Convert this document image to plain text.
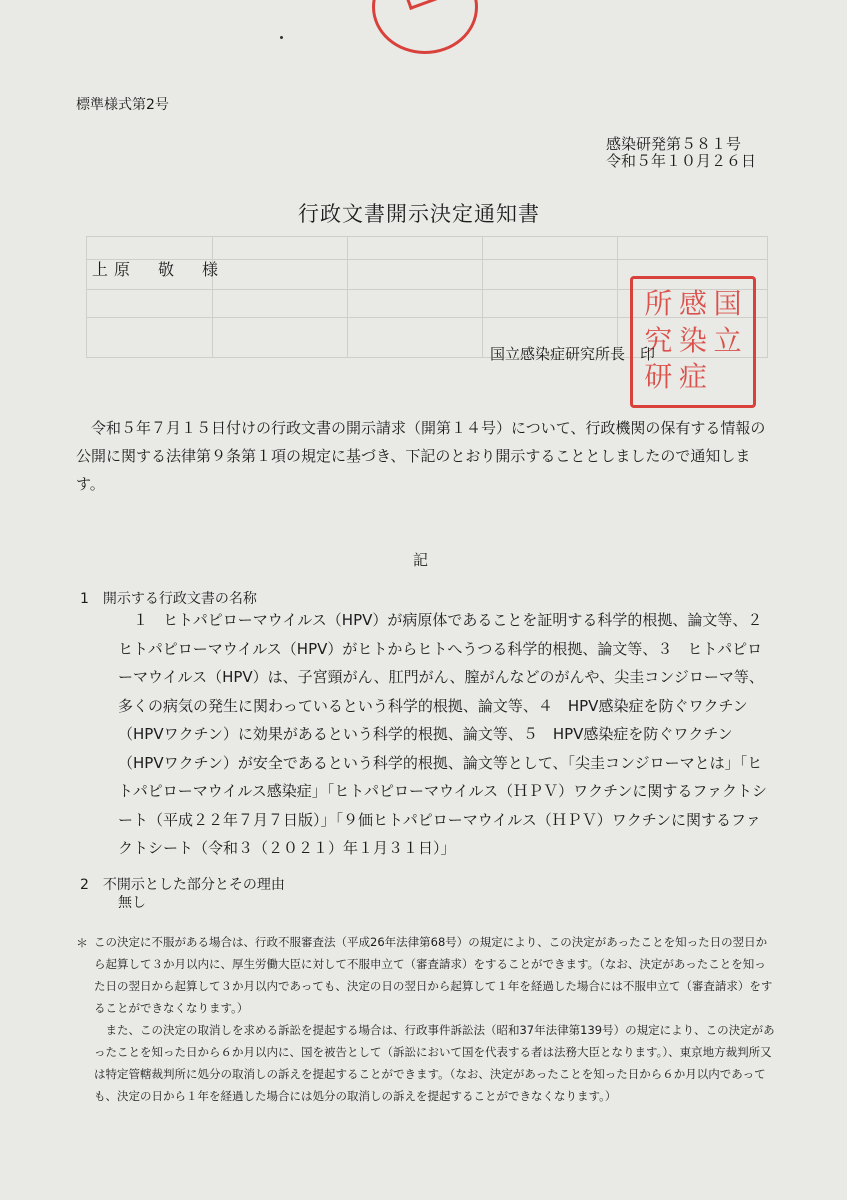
標準様式第2号
感染研発第５８１号
令和５年１０月２６日
行政文書開示決定通知書
上原　敬　様
所 感 国
究 染 立
研 症
国立感染症研究所長　印
令和５年７月１５日付けの行政文書の開示請求（開第１４号）について、行政機関の保有する情報の公開に関する法律第９条第１項の規定に基づき、下記のとおり開示することとしましたので通知します。
記
1　開示する行政文書の名称
１　ヒトパピローマウイルス（HPV）が病原体であることを証明する科学的根拠、論文等、２　ヒトパピローマウイルス（HPV）がヒトからヒトへうつる科学的根拠、論文等、３　ヒトパピローマウイルス（HPV）は、子宮頸がん、肛門がん、膣がんなどのがんや、尖圭コンジローマ等、多くの病気の発生に関わっているという科学的根拠、論文等、４　HPV感染症を防ぐワクチン（HPVワクチン）に効果があるという科学的根拠、論文等、５　HPV感染症を防ぐワクチン（HPVワクチン）が安全であるという科学的根拠、論文等として、「尖圭コンジローマとは」「ヒトパピローマウイルス感染症」「ヒトパピローマウイルス（ＨＰＶ）ワクチンに関するファクトシート（平成２２年７月７日版）」「９価ヒトパピローマウイルス（ＨＰＶ）ワクチンに関するファクトシート（令和３（２０２１）年１月３１日）」
2　不開示とした部分とその理由
無し
＊ この決定に不服がある場合は、行政不服審査法（平成26年法律第68号）の規定により、この決定があったことを知った日の翌日から起算して３か月以内に、厚生労働大臣に対して不服申立て（審査請求）をすることができます。（なお、決定があったことを知った日の翌日から起算して３か月以内であっても、決定の日の翌日から起算して１年を経過した場合には不服申立て（審査請求）をすることができなくなります。）
また、この決定の取消しを求める訴訟を提起する場合は、行政事件訴訟法（昭和37年法律第139号）の規定により、この決定があったことを知った日から６か月以内に、国を被告として（訴訟において国を代表する者は法務大臣となります。）、東京地方裁判所又は特定管轄裁判所に処分の取消しの訴えを提起することができます。（なお、決定があったことを知った日から６か月以内であっても、決定の日から１年を経過した場合には処分の取消しの訴えを提起することができなくなります。）
